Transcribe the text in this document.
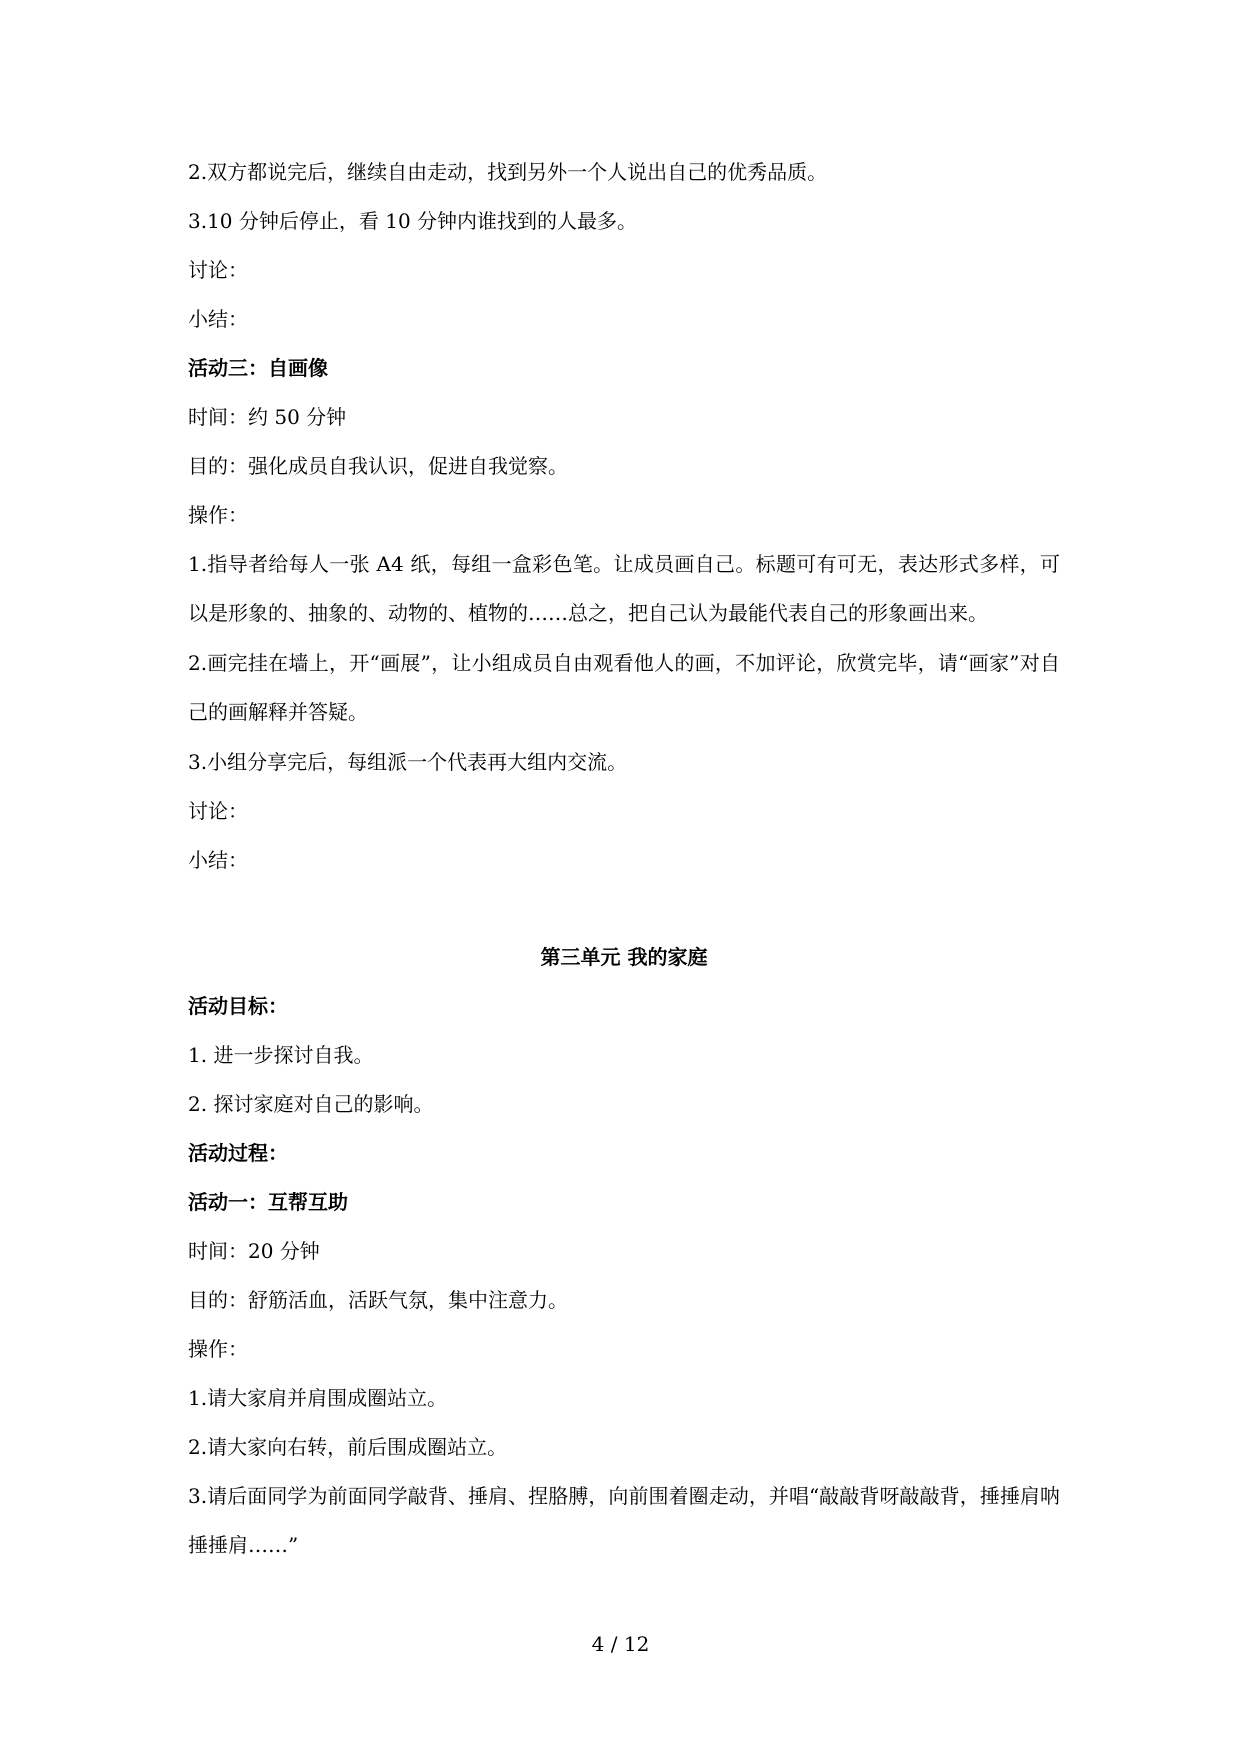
2.双方都说完后，继续自由走动，找到另外一个人说出自己的优秀品质。
3.10 分钟后停止，看 10 分钟内谁找到的人最多。
讨论：
小结：
活动三：自画像
时间：约 50 分钟
目的：强化成员自我认识，促进自我觉察。
操作：
1.指导者给每人一张 A4 纸，每组一盒彩色笔。让成员画自己。标题可有可无，表达形式多样，可以是形象的、抽象的、动物的、植物的……总之，把自己认为最能代表自己的形象画出来。
2.画完挂在墙上，开“画展”，让小组成员自由观看他人的画，不加评论，欣赏完毕，请“画家”对自己的画解释并答疑。
3.小组分享完后，每组派一个代表再大组内交流。
讨论：
小结：
第三单元 我的家庭
活动目标：
1. 进一步探讨自我。
2. 探讨家庭对自己的影响。
活动过程：
活动一：互帮互助
时间：20 分钟
目的：舒筋活血，活跃气氛，集中注意力。
操作：
1.请大家肩并肩围成圈站立。
2.请大家向右转，前后围成圈站立。
3.请后面同学为前面同学敲背、捶肩、捏胳膊，向前围着圈走动，并唱“敲敲背呀敲敲背，捶捶肩呐捶捶肩……”
4 / 12
